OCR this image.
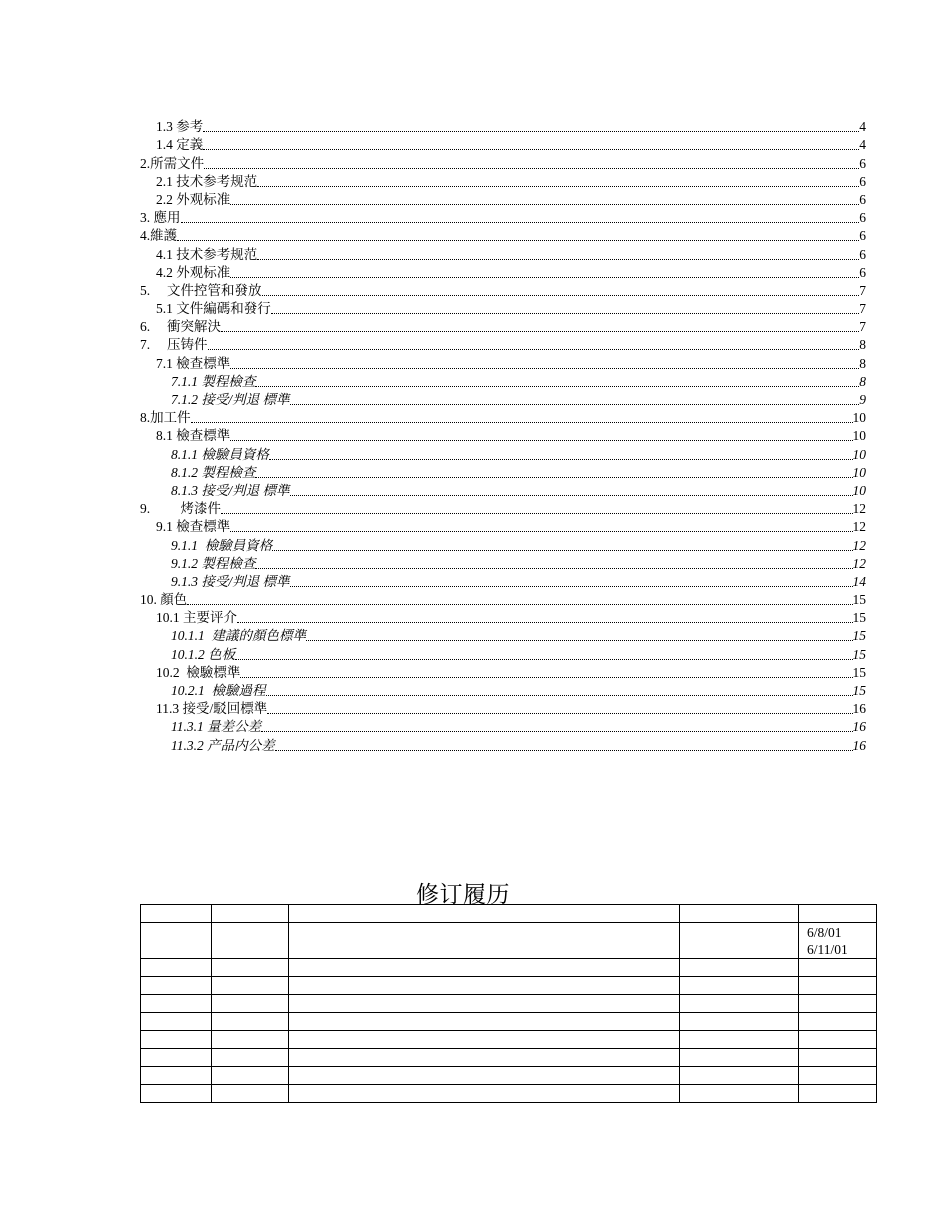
1.3 参考	4
1.4 定義	4
2.所需文件	6
2.1 技术参考规范	6
2.2 外观标准	6
3. 應用	6
4.維護	6
4.1 技术参考规范	6
4.2 外观标准	6
5.     文件控管和發放	7
5.1 文件編碼和發行	7
6.     衝突解決	7
7.     压铸件	8
7.1 檢查標準	8
7.1.1 製程檢查	8
7.1.2 接受/判退 標準	9
8.加工件	10
8.1 檢查標準	10
8.1.1 檢驗員資格	10
8.1.2 製程檢查	10
8.1.3 接受/判退 標準	10
9.         烤漆件	12
9.1 檢查標準	12
9.1.1  檢驗員資格	12
9.1.2 製程檢查	12
9.1.3 接受/判退 標準	14
10. 顏色	15
10.1 主要评介	15
10.1.1  建議的顏色標準	15
10.1.2 色板	15
10.2  檢驗標準	15
10.2.1  檢驗過程	15
11.3 接受/駁回標準	16
11.3.1 量差公差	16
11.3.2 产品内公差	16
修订履历

				6/8/01
6/11/01
